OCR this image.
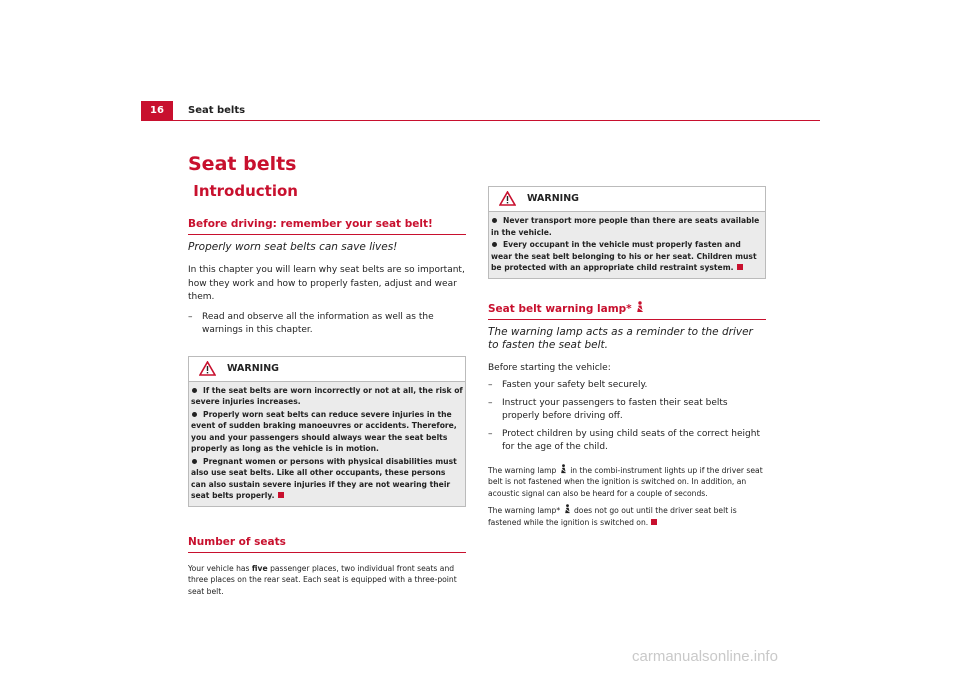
16	Seat belts
Seat belts
Introduction
Before driving: remember your seat belt!
Properly worn seat belts can save lives!

In this chapter you will learn why seat belts are so important, how they work and how to properly fasten, adjust and wear them.

– Read and observe all the information as well as the warnings in this chapter.
WARNING
If the seat belts are worn incorrectly or not at all, the risk of severe injuries increases.
Properly worn seat belts can reduce severe injuries in the event of sudden braking manoeuvres or accidents. Therefore, you and your passengers should always wear the seat belts properly as long as the vehicle is in motion.
Pregnant women or persons with physical disabilities must also use seat belts. Like all other occupants, these persons can also sustain severe injuries if they are not wearing their seat belts properly.
Number of seats

Your vehicle has five passenger places, two individual front seats and three places on the rear seat. Each seat is equipped with a three-point seat belt.

WARNING
Never transport more people than there are seats available in the vehicle.
Every occupant in the vehicle must properly fasten and wear the seat belt belonging to his or her seat. Children must be protected with an appropriate child restraint system.
Seat belt warning lamp*
The warning lamp acts as a reminder to the driver to fasten the seat belt.

Before starting the vehicle:

– Fasten your safety belt securely.
– Instruct your passengers to fasten their seat belts properly before driving off.
– Protect children by using child seats of the correct height for the age of the child.

The warning lamp in the combi-instrument lights up if the driver seat belt is not fastened when the ignition is switched on. In addition, an acoustic signal can also be heard for a couple of seconds.

The warning lamp* does not go out until the driver seat belt is fastened while the ignition is switched on.

carmanualsonline.info
